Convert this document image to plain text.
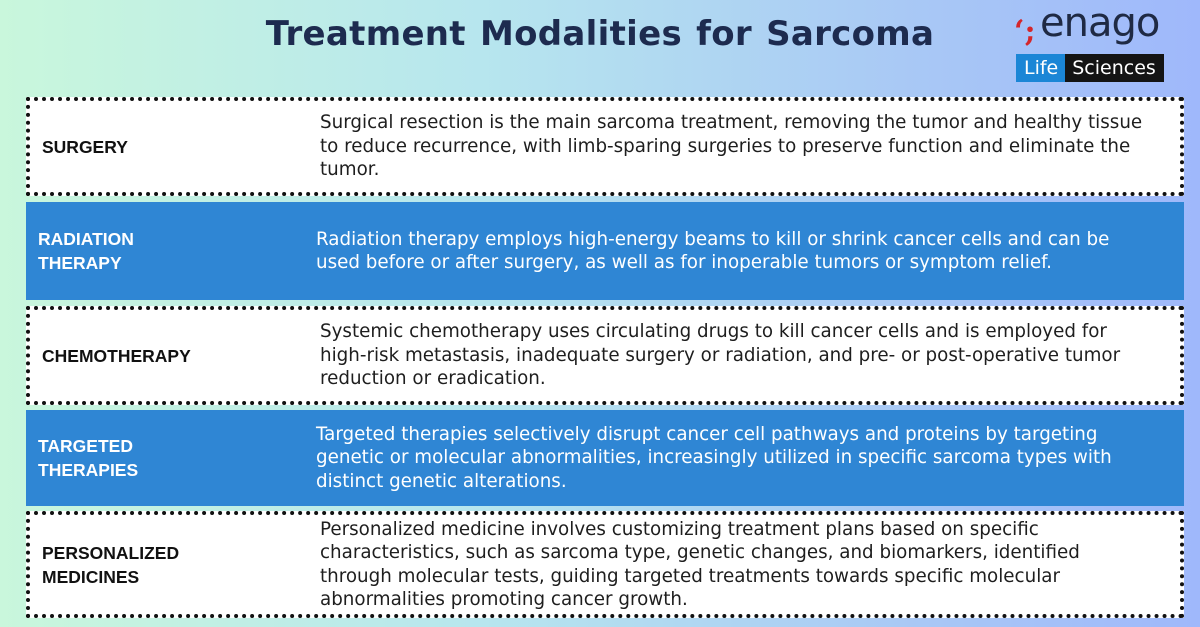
Treatment Modalities for Sarcoma	ʻ; enago
Life Sciences
SURGERY
Surgical resection is the main sarcoma treatment, removing the tumor and healthy tissue to reduce recurrence, with limb-sparing surgeries to preserve function and eliminate the tumor.
RADIATION THERAPY
Radiation therapy employs high-energy beams to kill or shrink cancer cells and can be used before or after surgery, as well as for inoperable tumors or symptom relief.
CHEMOTHERAPY
Systemic chemotherapy uses circulating drugs to kill cancer cells and is employed for high-risk metastasis, inadequate surgery or radiation, and pre- or post-operative tumor reduction or eradication.
TARGETED THERAPIES
Targeted therapies selectively disrupt cancer cell pathways and proteins by targeting genetic or molecular abnormalities, increasingly utilized in specific sarcoma types with distinct genetic alterations.
PERSONALIZED MEDICINES
Personalized medicine involves customizing treatment plans based on specific characteristics, such as sarcoma type, genetic changes, and biomarkers, identified through molecular tests, guiding targeted treatments towards specific molecular abnormalities promoting cancer growth.
